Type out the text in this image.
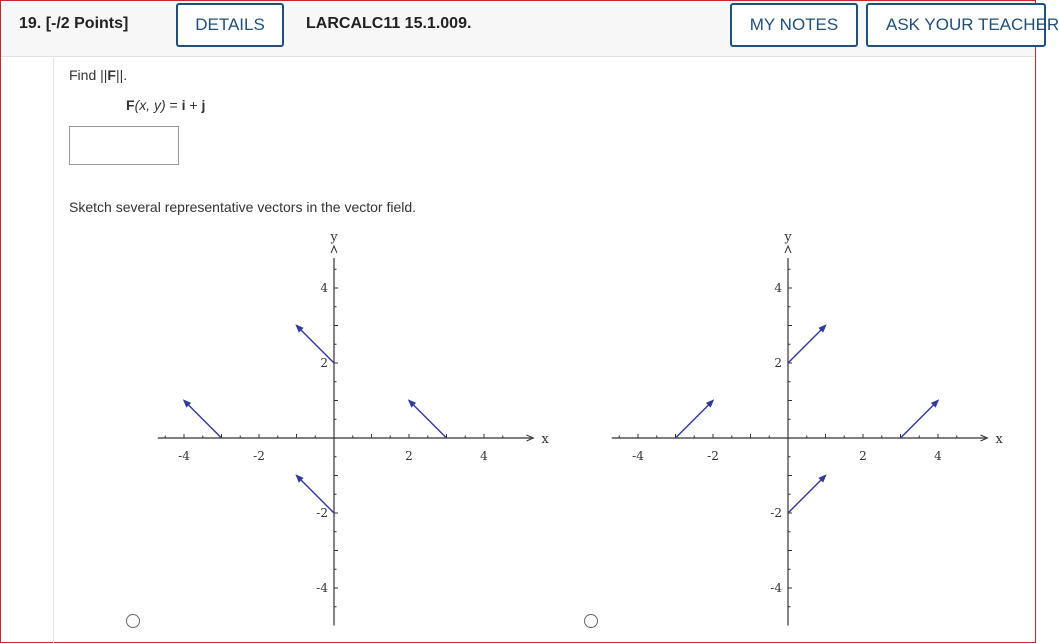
19. [-/2 Points]	DETAILS	LARCALC11 15.1.009.	MY NOTES	ASK YOUR TEACHER
Find ||F||.
F(x, y) = i + j
Sketch several representative vectors in the vector field.
-4	-2	2	4
4
2
-2
-4
x
y
-4	-2	2	4
4
2
-2
-4
x
y
